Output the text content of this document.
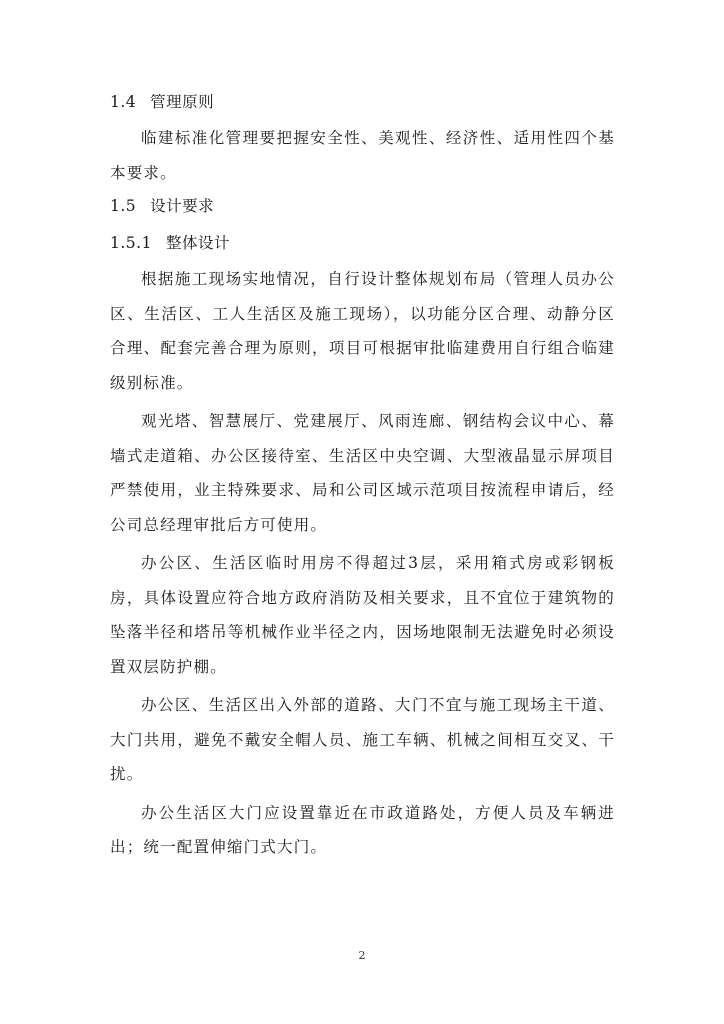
1.4 管理原则

临建标准化管理要把握安全性、美观性、经济性、适用性四个基本要求。

1.5 设计要求
1.5.1 整体设计

根据施工现场实地情况，自行设计整体规划布局（管理人员办公区、生活区、工人生活区及施工现场），以功能分区合理、动静分区合理、配套完善合理为原则，项目可根据审批临建费用自行组合临建级别标准。

观光塔、智慧展厅、党建展厅、风雨连廊、钢结构会议中心、幕墙式走道箱、办公区接待室、生活区中央空调、大型液晶显示屏项目严禁使用，业主特殊要求、局和公司区域示范项目按流程申请后，经公司总经理审批后方可使用。

办公区、生活区临时用房不得超过3层，采用箱式房或彩钢板房，具体设置应符合地方政府消防及相关要求，且不宜位于建筑物的坠落半径和塔吊等机械作业半径之内，因场地限制无法避免时必须设置双层防护棚。

办公区、生活区出入外部的道路、大门不宜与施工现场主干道、大门共用，避免不戴安全帽人员、施工车辆、机械之间相互交叉、干扰。

办公生活区大门应设置靠近在市政道路处，方便人员及车辆进出；统一配置伸缩门式大门。

2
